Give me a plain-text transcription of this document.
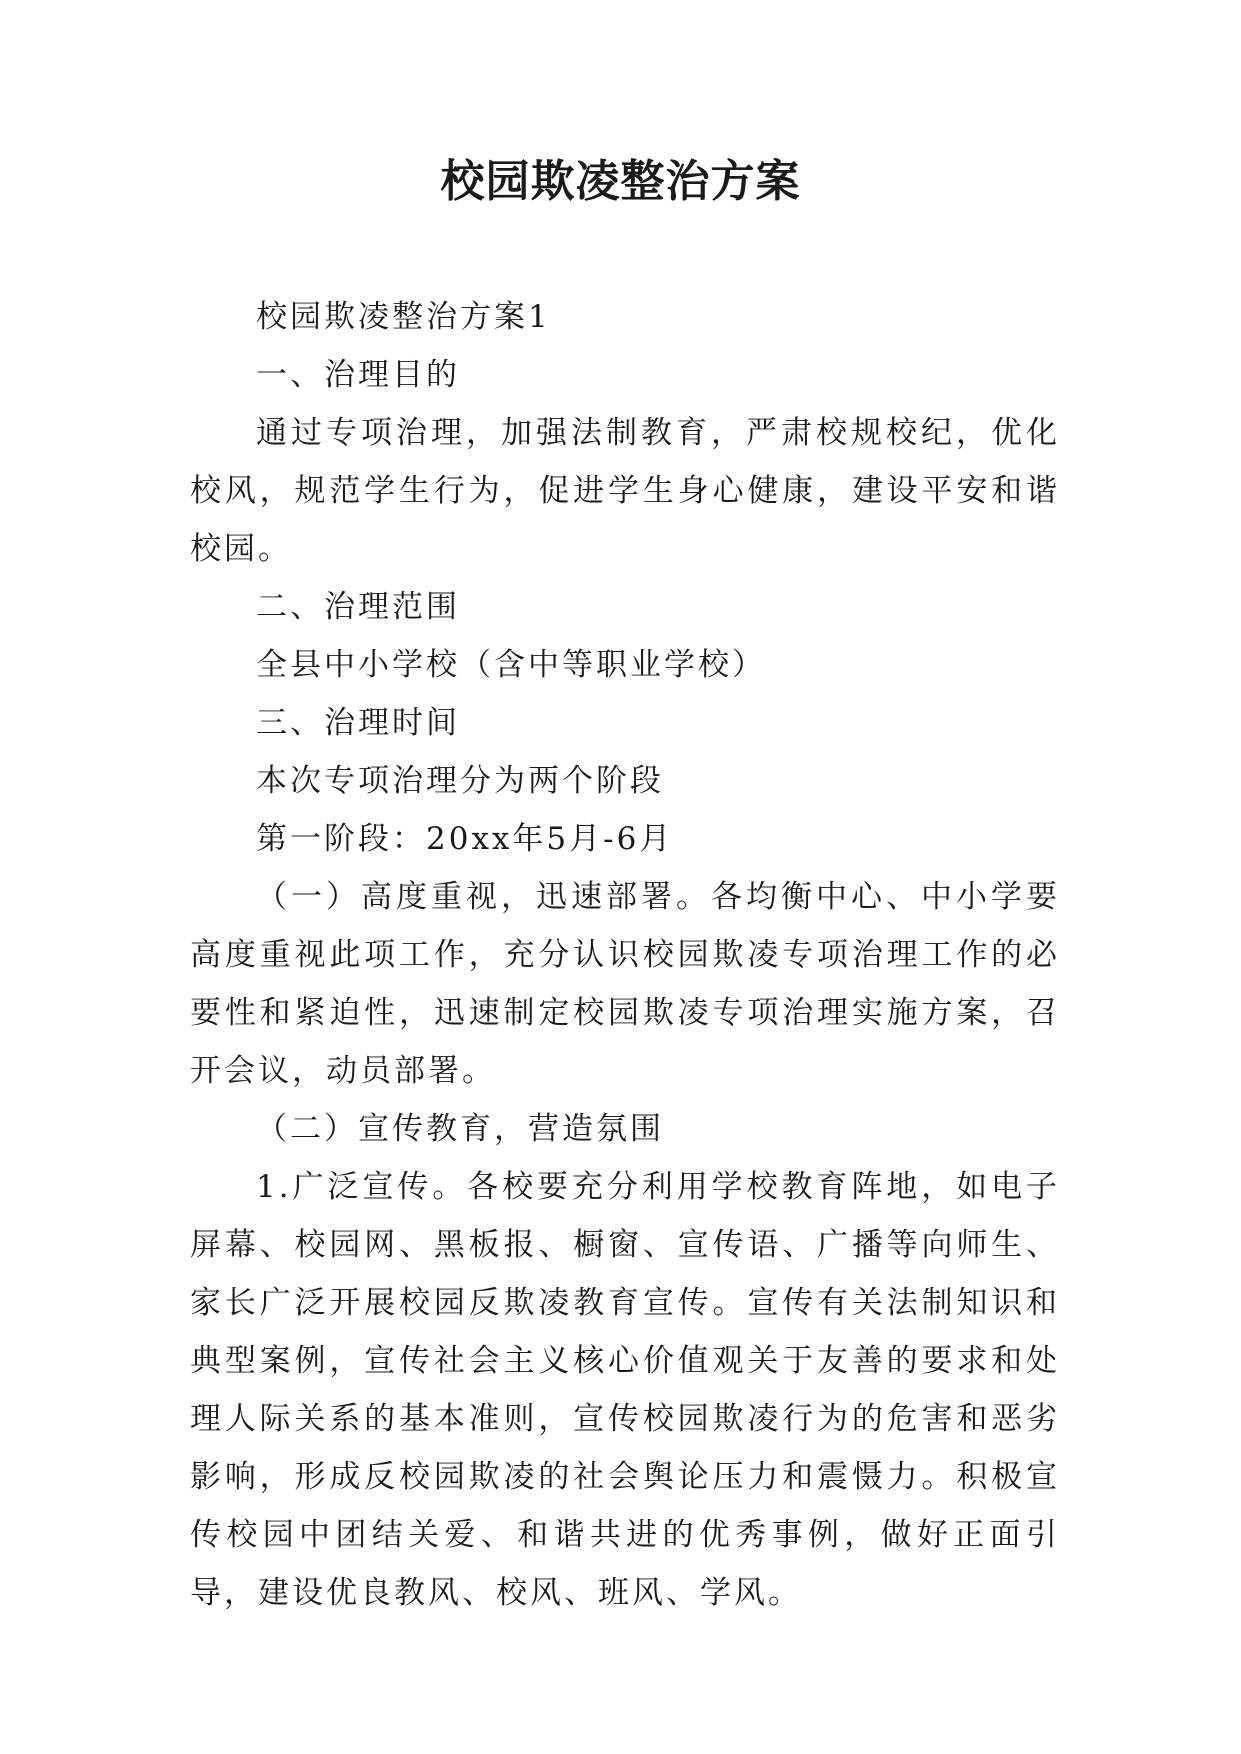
校园欺凌整治方案

校园欺凌整治方案1

一、治理目的

通过专项治理，加强法制教育，严肃校规校纪，优化校风，规范学生行为，促进学生身心健康，建设平安和谐校园。

二、治理范围

全县中小学校（含中等职业学校）

三、治理时间

本次专项治理分为两个阶段

第一阶段：20xx年5月-6月

（一）高度重视，迅速部署。各均衡中心、中小学要高度重视此项工作，充分认识校园欺凌专项治理工作的必要性和紧迫性，迅速制定校园欺凌专项治理实施方案，召开会议，动员部署。

（二）宣传教育，营造氛围

1.广泛宣传。各校要充分利用学校教育阵地，如电子屏幕、校园网、黑板报、橱窗、宣传语、广播等向师生、家长广泛开展校园反欺凌教育宣传。宣传有关法制知识和典型案例，宣传社会主义核心价值观关于友善的要求和处理人际关系的基本准则，宣传校园欺凌行为的危害和恶劣影响，形成反校园欺凌的社会舆论压力和震慑力。积极宣传校园中团结关爱、和谐共进的优秀事例，做好正面引导，建设优良教风、校风、班风、学风。
